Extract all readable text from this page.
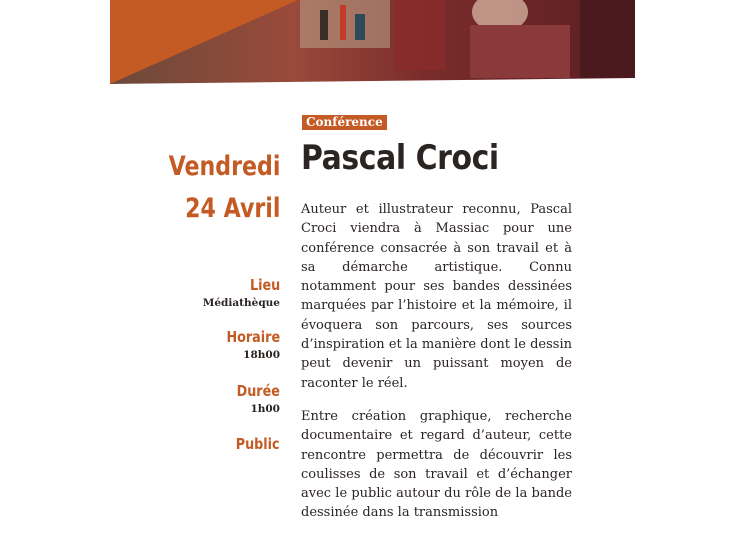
Conférence
Pascal Croci
Vendredi
24 Avril
Lieu
Médiathèque
Horaire
18h00
Durée
1h00
Public

Auteur et illustrateur reconnu, Pascal Croci viendra à Massiac pour une conférence consacrée à son travail et à sa démarche artistique. Connu notamment pour ses bandes dessinées marquées par l’histoire et la mémoire, il évoquera son parcours, ses sources d’inspiration et la manière dont le dessin peut devenir un puissant moyen de raconter le réel.

Entre création graphique, recherche documentaire et regard d’auteur, cette rencontre permettra de découvrir les coulisses de son travail et d’échanger avec le public autour du rôle de la bande dessinée dans la transmission
